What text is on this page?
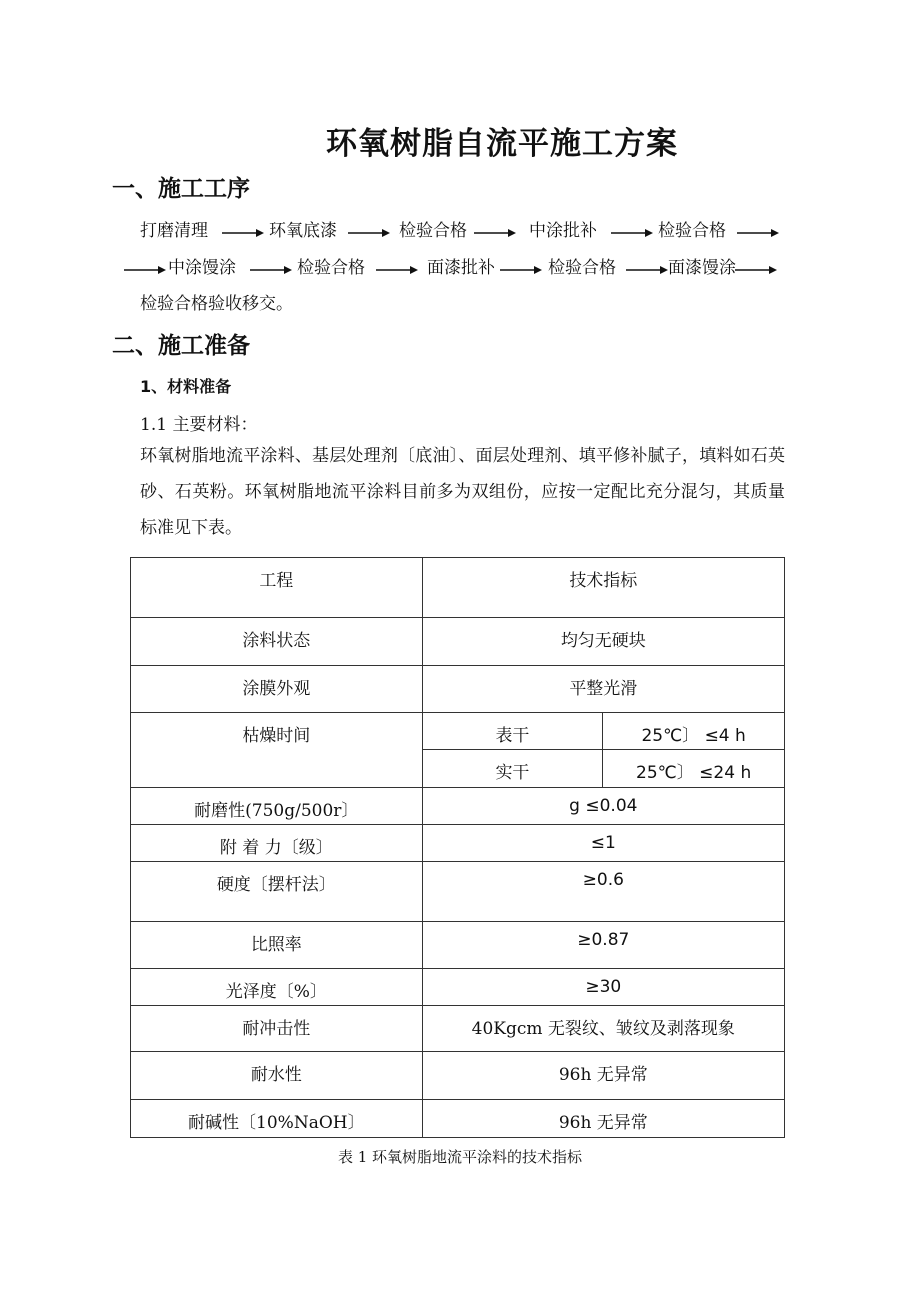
环氧树脂自流平施工方案
一、施工工序
打磨清理	环氧底漆	检验合格	中涂批补	检验合格
中涂馒涂	检验合格	面漆批补	检验合格	面漆馒涂
检验合格验收移交。
二、施工准备
1、材料准备
1.1 主要材料：
环氧树脂地流平涂料、基层处理剂〔底油〕、面层处理剂、填平修补腻子，填料如石英砂、石英粉。环氧树脂地流平涂料目前多为双组份，应按一定配比充分混匀，其质量标准见下表。
工程	技术指标	
涂料状态	均匀无硬块	
涂膜外观	平整光滑	
枯燥时间	表干	25℃〕 ≤4 h
	实干	25℃〕 ≤24 h
耐磨性(750g/500r〕	g ≤0.04	
附 着 力〔级〕	≤1	
硬度〔摆杆法〕	≥0.6	
比照率	≥0.87	
光泽度〔%〕	≥30	
耐冲击性	40Kgcm 无裂纹、皱纹及剥落现象	
耐水性	96h 无异常	
耐碱性〔10%NaOH〕	96h 无异常	
表 1 环氧树脂地流平涂料的技术指标
